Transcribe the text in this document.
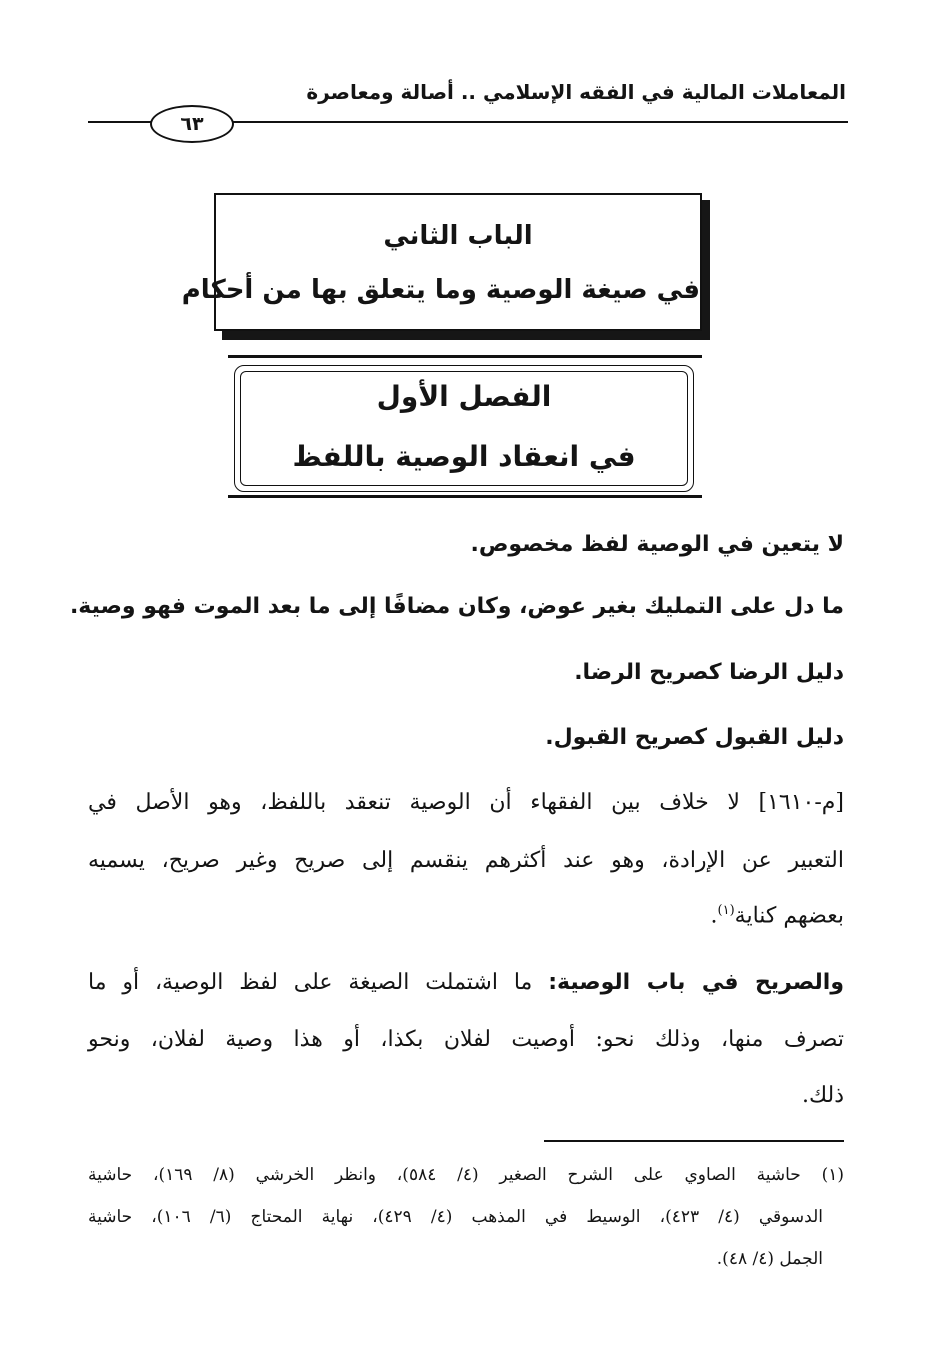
المعاملات المالية في الفقه الإسلامي .. أصالة ومعاصرة
٦٣
الباب الثاني
في صيغة الوصية وما يتعلق بها من أحكام
الفصل الأول
في انعقاد الوصية باللفظ
لا يتعين في الوصية لفظ مخصوص.
ما دل على التمليك بغير عوض، وكان مضافًا إلى ما بعد الموت فهو وصية.
دليل الرضا كصريح الرضا.
دليل القبول كصريح القبول.
[م-١٦١٠] لا خلاف بين الفقهاء أن الوصية تنعقد باللفظ، وهو الأصل في
التعبير عن الإرادة، وهو عند أكثرهم ينقسم إلى صريح وغير صريح، يسميه
بعضهم كناية$^{(١)}$.
والصريح في باب الوصية: ما اشتملت الصيغة على لفظ الوصية، أو ما
تصرف منها، وذلك نحو: أوصيت لفلان بكذا، أو هذا وصية لفلان، ونحو
ذلك.
(١) حاشية الصاوي على الشرح الصغير (٤/ ٥٨٤)، وانظر الخرشي (٨/ ١٦٩)، حاشية
الدسوقي (٤/ ٤٢٣)، الوسيط في المذهب (٤/ ٤٢٩)، نهاية المحتاج (٦/ ١٠٦)، حاشية
الجمل (٤/ ٤٨).
